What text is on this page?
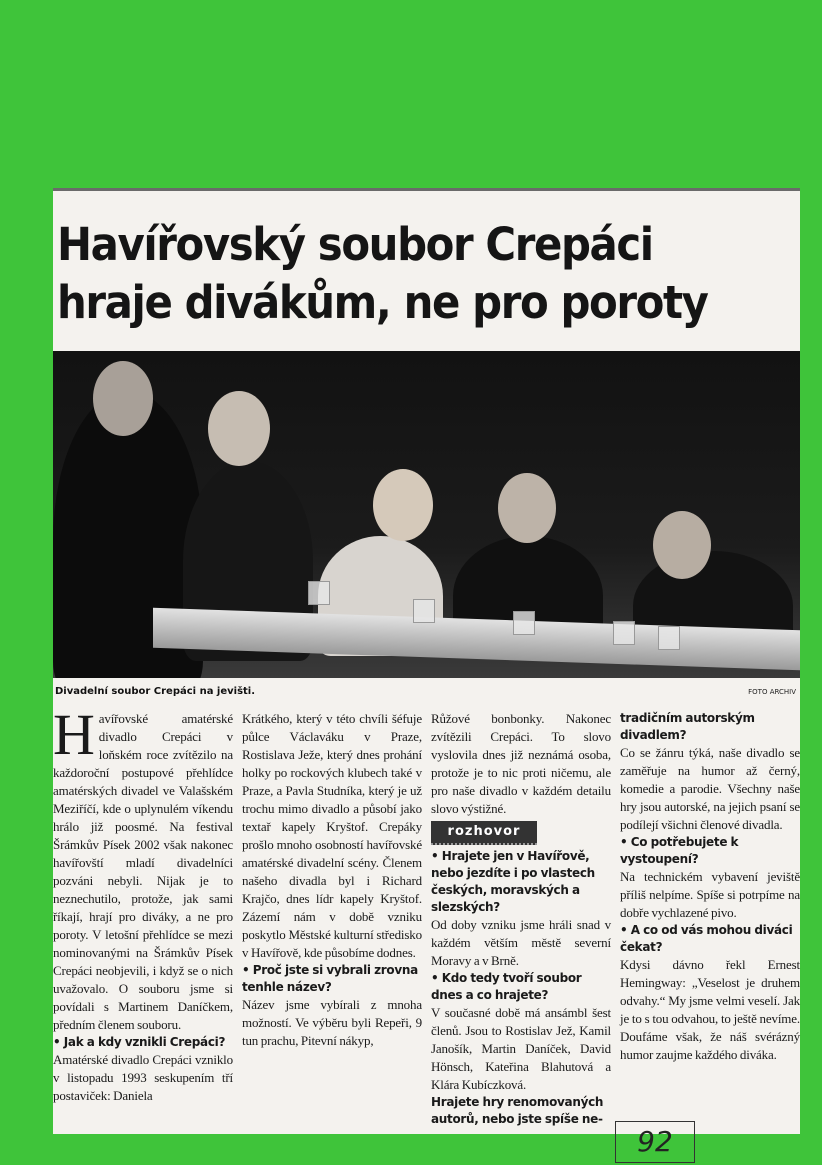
Havířovský soubor Crepáci
hraje divákům, ne pro poroty
Divadelní soubor Crepáci na jevišti.	FOTO ARCHIV

Havířovské amatérské divadlo Crepáci v loňském roce zvítězilo na každoroční postupové přehlídce amatérských divadel ve Valašském Meziříčí, kde o uplynulém víkendu hrálo již poosmé. Na festival Šrámkův Písek 2002 však nakonec havířovští mladí divadelníci pozváni nebyli. Nijak je to neznechutilo, protože, jak sami říkají, hrají pro diváky, a ne pro poroty. V letošní přehlídce se mezi nominovanými na Šrámkův Písek Crepáci neobjevili, i když se o nich uvažovalo. O souboru jsme si povídali s Martinem Daníčkem, předním členem souboru.

• Jak a kdy vznikli Crepáci?

Amatérské divadlo Crepáci vzniklo v listopadu 1993 seskupením tří postaviček: Daniela

Krátkého, který v této chvíli šéfuje půlce Václaváku v Praze, Rostislava Ježe, který dnes prohání holky po rockových klubech také v Praze, a Pavla Studníka, který je už trochu mimo divadlo a působí jako textař kapely Kryštof. Crepáky prošlo mnoho osobností havířovské amatérské divadelní scény. Členem našeho divadla byl i Richard Krajčo, dnes lídr kapely Kryštof. Zázemí nám v době vzniku poskytlo Městské kulturní středisko v Havířově, kde působíme dodnes.

• Proč jste si vybrali zrovna tenhle název?

Název jsme vybírali z mnoha možností. Ve výběru byli Repeři, 9 tun prachu, Pitevní nákyp,

Růžové bonbonky. Nakonec zvítězili Crepáci. To slovo vyslovila dnes již neznámá osoba, protože je to nic proti ničemu, ale pro naše divadlo v každém detailu slovo výstižné.

rozhovor

• Hrajete jen v Havířově, nebo jezdíte i po vlastech českých, moravských a slezských?

Od doby vzniku jsme hráli snad v každém větším městě severní Moravy a v Brně.

• Kdo tedy tvoří soubor dnes a co hrajete?

V současné době má ansámbl šest členů. Jsou to Rostislav Jež, Kamil Janošík, Martin Daníček, David Hönsch, Kateřina Blahutová a Klára Kubíczková.

Hrajete hry renomovaných autorů, nebo jste spíše ne-

tradičním autorským divadlem?

Co se žánru týká, naše divadlo se zaměřuje na humor až černý, komedie a parodie. Všechny naše hry jsou autorské, na jejich psaní se podílejí všichni členové divadla.

• Co potřebujete k vystoupení?

Na technickém vybavení jeviště příliš nelpíme. Spíše si potrpíme na dobře vychlazené pivo.

• A co od vás mohou diváci čekat?

Kdysi dávno řekl Ernest Hemingway: „Veselost je druhem odvahy.“ My jsme velmi veselí. Jak je to s tou odvahou, to ještě nevíme. Doufáme však, že náš svérázný humor zaujme každého diváka.

92
